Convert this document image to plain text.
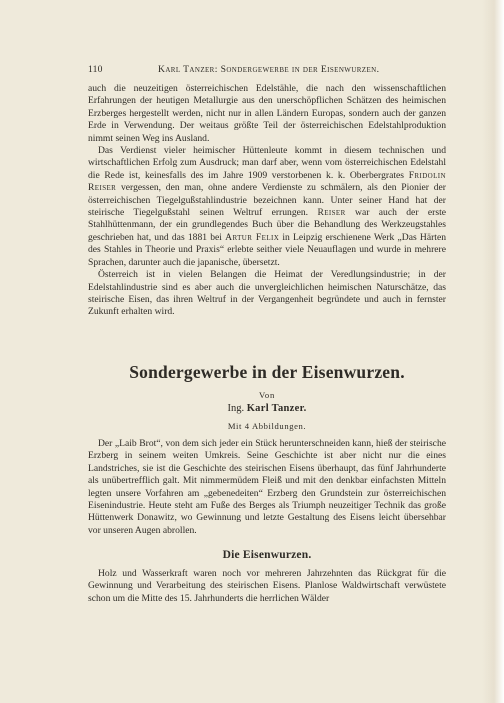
110	Karl Tanzer: Sondergewerbe in der Eisenwurzen.

auch die neuzeitigen österreichischen Edelstähle, die nach den wissenschaftlichen Erfahrungen der heutigen Metallurgie aus den unerschöpflichen Schätzen des heimischen Erzberges hergestellt werden, nicht nur in allen Ländern Europas, sondern auch der ganzen Erde in Verwendung. Der weitaus größte Teil der österreichischen Edelstahlproduktion nimmt seinen Weg ins Ausland.

Das Verdienst vieler heimischer Hüttenleute kommt in diesem technischen und wirtschaftlichen Erfolg zum Ausdruck; man darf aber, wenn vom österreichischen Edelstahl die Rede ist, keinesfalls des im Jahre 1909 verstorbenen k. k. Oberbergrates Fridolin Reiser vergessen, den man, ohne andere Verdienste zu schmälern, als den Pionier der österreichischen Tiegelgußstahlindustrie bezeichnen kann. Unter seiner Hand hat der steirische Tiegelgußstahl seinen Weltruf errungen. Reiser war auch der erste Stahlhüttenmann, der ein grundlegendes Buch über die Behandlung des Werkzeugstahles geschrieben hat, und das 1881 bei Artur Felix in Leipzig erschienene Werk „Das Härten des Stahles in Theorie und Praxis“ erlebte seither viele Neuauflagen und wurde in mehrere Sprachen, darunter auch die japanische, übersetzt.

Österreich ist in vielen Belangen die Heimat der Veredlungsindustrie; in der Edelstahlindustrie sind es aber auch die unvergleichlichen heimischen Naturschätze, das steirische Eisen, das ihren Weltruf in der Vergangenheit begründete und auch in fernster Zukunft erhalten wird.

Sondergewerbe in der Eisenwurzen.
Von
Ing. Karl Tanzer.
Mit 4 Abbildungen.

Der „Laib Brot“, von dem sich jeder ein Stück herunterschneiden kann, hieß der steirische Erzberg in seinem weiten Umkreis. Seine Geschichte ist aber nicht nur die eines Landstriches, sie ist die Geschichte des steirischen Eisens überhaupt, das fünf Jahrhunderte als unübertrefflich galt. Mit nimmermüdem Fleiß und mit den denkbar einfachsten Mitteln legten unsere Vorfahren am „gebenedeiten“ Erzberg den Grundstein zur österreichischen Eisenindustrie. Heute steht am Fuße des Berges als Triumph neuzeitiger Technik das große Hüttenwerk Donawitz, wo Gewinnung und letzte Gestaltung des Eisens leicht übersehbar vor unseren Augen abrollen.

Die Eisenwurzen.

Holz und Wasserkraft waren noch vor mehreren Jahrzehnten das Rückgrat für die Gewinnung und Verarbeitung des steirischen Eisens. Planlose Waldwirtschaft verwüstete schon um die Mitte des 15. Jahrhunderts die herrlichen Wälder
